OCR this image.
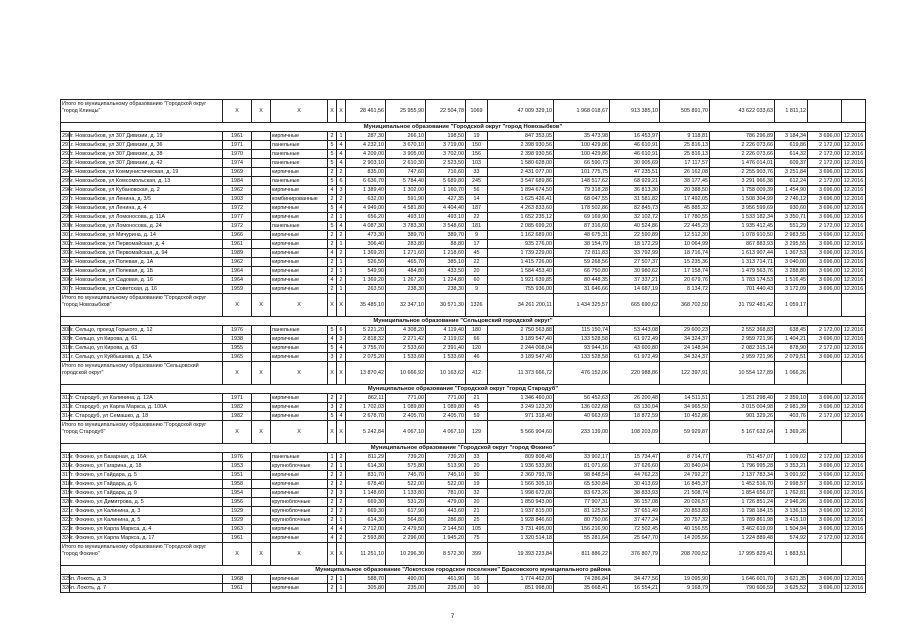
Итого по муниципальному образованию "Городской округ "город Клинцы"		X	X	X	X	X	28 461,56	25 955,90	22 504,78	1069	47 009 329,10	1 968 018,67	913 385,10	505 891,70	43 622 033,63	1 811,12			
Муниципальное образование "Городской округ "город Новозыбков"																			
290	г. Новозыбков, ул 307 Дивизии, д. 19	1961		кирпичные	2	1	287,30	266,10	198,50	19	847 353,05	35 473,98	16 453,97	9 118,81	786 296,89	3 184,34	3 696,00	12.2016	
291	г. Новозыбков, ул 307 Дивизии, д. 36	1971		панельные	5	4	4 232,10	3 670,10	3 719,00	150	2 398 930,56	100 429,86	46 610,91	25 816,13	2 226 073,66	619,86	2 172,00	12.2016	
292	г. Новозыбков, ул 307 Дивизии, д. 38	1970		панельные	5	4	4 209,00	3 905,00	3 702,00	156	2 398 930,56	100 429,86	46 610,91	25 816,13	2 226 073,66	614,32	2 172,00	12.2016	
293	г. Новозыбков, ул 307 Дивизии, д. 42	1974		панельные	5	4	2 903,10	2 610,30	2 523,50	103	1 580 628,00	66 590,73	30 905,69	17 117,57	1 476 014,01	609,37	2 172,00	12.2016	
294	г. Новозыбков, ул Коммунистическая, д. 19	1969		кирпичные	2	2	835,00	747,60	716,60	33	2 431 077,00	101 775,75	47 235,51	26 162,08	2 255 903,76	3 251,84	3 696,00	12.2016	
295	г. Новозыбков, ул Комсомольская, д. 13	1984		панельные	5	6	6 636,70	5 784,40	5 689,80	245	3 547 689,86	148 517,62	68 929,21	38 177,45	3 291 966,38	612,24	2 172,00	12.2016	
296	г. Новозыбков, ул Кубановская, д. 2	1962		кирпичные	4	3	1 389,40	1 302,00	1 160,70	56	1 894 674,50	79 318,28	36 813,30	20 388,50	1 758 009,39	1 454,90	3 696,00	12.2016	
297	г. Новозыбков, ул Ленина, д. 3/5	1903		комбинированные	2	2	632,00	591,90	427,35	14	1 625 426,41	68 047,55	31 581,82	17 492,05	1 508 304,99	2 746,12	3 696,00	12.2016	
298	г. Новозыбков, ул Ленина, д. 4	1972		кирпичные	5	4	4 949,00	4 581,80	4 404,40	187	4 263 833,60	178 502,86	82 845,73	45 885,32	3 956 599,69	930,60	3 696,00	12.2016	
299	г. Новозыбков, ул Ломоносова, д. 11А	1977		кирпичные	2	1	656,20	493,10	493,10	22	1 652 235,12	69 169,90	32 102,72	17 780,55	1 533 182,34	3 350,71	3 696,00	12.2016	
300	г. Новозыбков, ул Ломоносова, д. 24	1972		панельные	5	4	4 087,30	3 783,30	3 548,60	181	2 085 699,20	87 316,60	40 524,86	22 445,23	1 935 412,45	551,29	2 172,00	12.2016	
301	г. Новозыбков, ул Мичурина, д. 14	1966		кирпичные	2	2	473,30	389,70	389,70	9	1 162 689,00	48 675,31	22 590,89	12 512,30	1 078 910,50	2 983,55	3 696,00	12.2016	
302	г. Новозыбков, ул Первомайская, д. 4	1961		кирпичные	2	1	306,40	283,80	88,80	17	935 276,00	38 154,79	18 172,29	10 064,99	867 883,93	3 295,55	3 696,00	12.2016	
303	г. Новозыбков, ул Первомайская, д. 94	1989		кирпичные	4	2	1 369,20	1 271,60	1 218,60	45	1 739 229,00	72 811,83	33 792,99	18 716,74	1 613 907,44	1 367,53	3 696,00	12.2016	
304	г. Новозыбков, ул Полевая, д. 1А	1962		кирпичные	2	1	526,50	465,70	385,10	22	1 415 726,00	59 268,56	27 507,37	15 235,36	1 313 714,71	3 040,00	3 696,00	12.2016	
305	г. Новозыбков, ул Полевая, д. 1Б	1964		кирпичные	2	1	549,90	484,80	433,50	20	1 584 453,40	66 750,80	30 980,62	17 158,74	1 479 563,76	3 288,80	3 696,00	12.2016	
306	г. Новозыбков, ул Садовая, д. 16	1964		кирпичные	4	2	1 369,20	1 267,20	1 224,80	60	1 921 639,85	80 448,35	37 337,21	20 679,76	1 783 174,53	1 516,45	3 696,00	12.2016	
307	г. Новозыбков, ул Советская, д. 16	1959		кирпичные	2	1	263,50	238,30	238,30	9	755 936,00	31 646,66	14 687,19	8 134,72	701 440,43	3 172,09	3 696,00	12.2016	
Итого по муниципальному образованию "Городской округ "город Новозыбков"		X	X	X	X	X	35 485,10	32 347,10	30 571,30	1326	34 261 200,11	1 434 325,57	665 690,62	368 702,50	31 792 481,42	1 059,17			
Муниципальное образование "Сельцовский городской округ"																			
308	г. Сельцо, проезд Горького, д. 12	1976		панельные	5	6	5 221,20	4 308,20	4 119,40	180	2 750 563,88	115 150,74	53 443,08	29 600,23	2 552 368,83	638,45	2 172,00	12.2016	
309	г. Сельцо, ул Кирова, д. 61	1938		кирпичные	4	3	2 818,32	2 271,42	2 119,02	66	3 189 547,40	133 528,58	61 972,49	34 324,37	2 959 721,96	1 404,21	3 696,00	12.2016	
310	г. Сельцо, ул Кирова, д. 63	1955		кирпичные	5	4	3 755,70	2 533,60	2 391,40	120	2 244 008,04	93 944,16	43 600,80	24 148,94	2 082 315,14	878,90	2 172,00	12.2016	
311	г. Сельцо, ул Куйбышева, д. 15А	1965		кирпичные	3	2	2 075,20	1 533,60	1 533,60	46	3 189 547,40	133 528,58	61 972,49	34 324,37	2 959 721,96	2 079,51	3 696,00	12.2016	
Итого по муниципальному образованию "Сельцовский городской округ"		X	X	X	X	X	13 870,42	10 666,92	10 163,62	412	11 373 666,72	476 152,06	220 988,86	122 397,91	10 554 127,89	1 066,26			
Муниципальное образование "Городской округ "город Стародуб"																			
312	г. Стародуб, ул Калинина, д. 12А	1971		кирпичные	2	2	862,11	771,00	771,00	21	1 346 460,00	56 452,63	26 200,48	14 511,51	1 251 298,40	2 359,10	3 696,00	12.2016	
313	г. Стародуб, ул Карла Маркса, д. 100А	1982		кирпичные	3	2	1 702,03	1 089,80	1 089,80	45	3 249 123,20	136 022,68	63 130,04	34 965,50	3 015 004,98	2 981,39	3 696,00	12.2016	
314	г. Стародуб, ул Семашко, д. 18	1982		кирпичные	5	4	2 678,70	2 405,70	2 405,70	59	971 318,40	40 663,69	18 872,59	10 452,86	901 329,26	403,76	2 172,00	12.2016	
Итого по муниципальному образованию "Городской округ "город Стародуб"		X	X	X	X	X	5 242,84	4 067,10	4 067,10	129	5 566 904,60	233 139,00	108 203,09	59 929,87	5 167 632,64	1 369,26			
Муниципальное образование "Городской округ "город Фокино"																			
315	г. Фокино, ул Базарная, д. 16А	1976		панельные	1	2	811,29	739,20	739,20	33	809 808,48	33 902,17	15 734,47	8 714,77	751 457,07	1 109,02	2 172,00	12.2016	
316	г. Фокино, ул Гагарина, д. 18	1953		крупноблочные	2	1	614,30	575,80	513,90	20	1 936 533,80	81 071,66	37 626,60	20 840,04	1 796 995,28	3 353,21	3 696,00	12.2016	
317	г. Фокино, ул Гайдара, д. 5	1951		кирпичные	2	2	831,70	745,70	745,10	30	2 360 793,78	98 848,54	44 762,23	24 792,27	2 137 783,34	3 091,92	3 696,00	12.2016	
318	г. Фокино, ул Гайдара, д. 6	1958		кирпичные	2	2	678,40	522,00	522,00	19	1 566 305,10	65 530,84	30 413,69	16 845,37	1 452 516,70	2 998,57	3 696,00	12.2016	
319	г. Фокино, ул Гайдара, д. 9	1954		кирпичные	2	3	1 148,60	1 133,80	781,00	32	1 998 672,00	83 673,26	38 833,93	21 508,74	1 854 656,07	1 762,81	3 696,00	12.2016	
320	г. Фокино, ул Димитрова, д. 5	1956		крупноблочные	2	2	669,30	531,20	479,00	20	1 850 943,00	77 907,31	36 157,08	20 026,57	1 726 851,24	2 946,26	3 696,00	12.2016	
321	г. Фокино, ул Калинина, д. 3	1929		крупноблочные	2	2	669,30	617,90	443,60	21	1 937 815,00	81 125,52	37 651,49	20 853,83	1 798 184,15	3 136,13	3 696,00	12.2016	
322	г. Фокино, ул Калинина, д. 5	1929		крупноблочные	2	1	614,30	564,80	286,80	25	1 928 846,60	80 750,06	37 477,24	20 757,32	1 789 861,98	3 415,10	3 696,00	12.2016	
323	г. Фокино, ул Карла Маркса, д. 4	1963		кирпичные	4	4	2 712,00	2 479,50	2 144,50	105	3 731 495,00	156 216,90	72 502,45	40 156,55	3 462 619,09	1 504,94	3 696,00	12.2016	
324	г. Фокино, ул Карла Маркса, д. 17	1961		кирпичные	4	2	2 593,80	2 296,00	1 945,20	75	1 320 514,18	55 281,64	25 647,70	14 205,56	1 224 889,48	574,92	2 172,00	12.2016	
Итого по муниципальному образованию "Городской округ "город Фокино"		X	X	X	X	X	11 251,10	10 296,30	8 572,30	399	19 393 223,84	811 886,22	376 807,79	208 700,52	17 995 829,41	1 883,51			
Муниципальное образование "Локотское городское поселение" Брасовского муниципального района																			
325	п. Локоть, д. 3	1968		кирпичные	2	1	588,70	490,00	461,90	16	1 774 462,00	74 286,84	34 477,56	19 095,90	1 646 601,70	3 621,35	3 696,00	12.2016	
326	п. Локоть, д. 7	1961		кирпичные	2	1	305,80	235,00	235,00	10	851 998,00	35 668,41	16 554,21	9 168,79	790 606,59	3 625,52	3 696,00	12.2016	
7
